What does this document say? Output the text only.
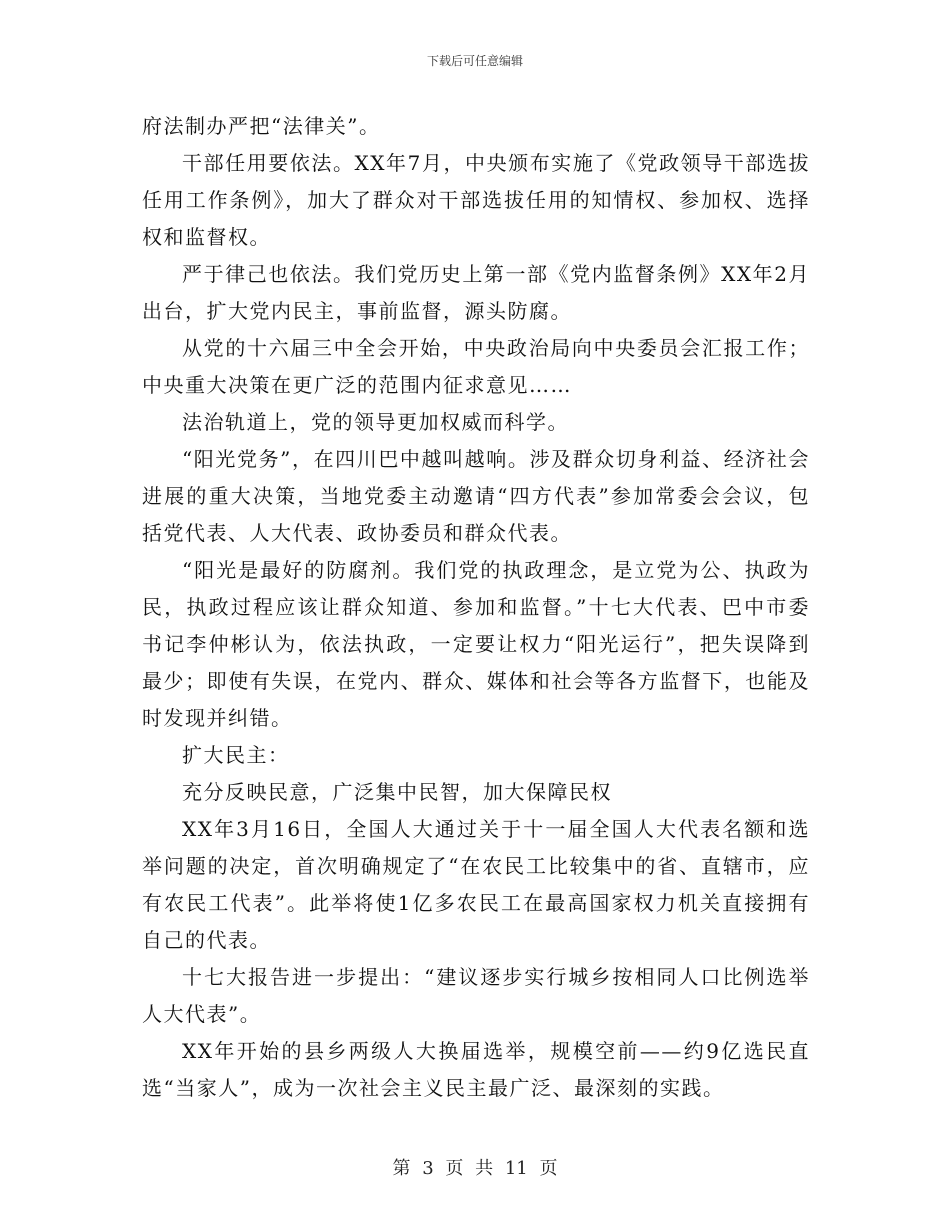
下载后可任意编辑

府法制办严把“法律关”。

干部任用要依法。XX年7月，中央颁布实施了《党政领导干部选拔任用工作条例》，加大了群众对干部选拔任用的知情权、参加权、选择权和监督权。

严于律己也依法。我们党历史上第一部《党内监督条例》XX年2月出台，扩大党内民主，事前监督，源头防腐。

从党的十六届三中全会开始，中央政治局向中央委员会汇报工作；中央重大决策在更广泛的范围内征求意见……

法治轨道上，党的领导更加权威而科学。

“阳光党务”，在四川巴中越叫越响。涉及群众切身利益、经济社会进展的重大决策，当地党委主动邀请“四方代表”参加常委会会议，包括党代表、人大代表、政协委员和群众代表。

“阳光是最好的防腐剂。我们党的执政理念，是立党为公、执政为民，执政过程应该让群众知道、参加和监督。”十七大代表、巴中市委书记李仲彬认为，依法执政，一定要让权力“阳光运行”，把失误降到最少；即使有失误，在党内、群众、媒体和社会等各方监督下，也能及时发现并纠错。

扩大民主：

充分反映民意，广泛集中民智，加大保障民权

XX年3月16日，全国人大通过关于十一届全国人大代表名额和选举问题的决定，首次明确规定了“在农民工比较集中的省、直辖市，应有农民工代表”。此举将使1亿多农民工在最高国家权力机关直接拥有自己的代表。

十七大报告进一步提出：“建议逐步实行城乡按相同人口比例选举人大代表”。

XX年开始的县乡两级人大换届选举，规模空前——约9亿选民直选“当家人”，成为一次社会主义民主最广泛、最深刻的实践。

第 3 页 共 11 页
